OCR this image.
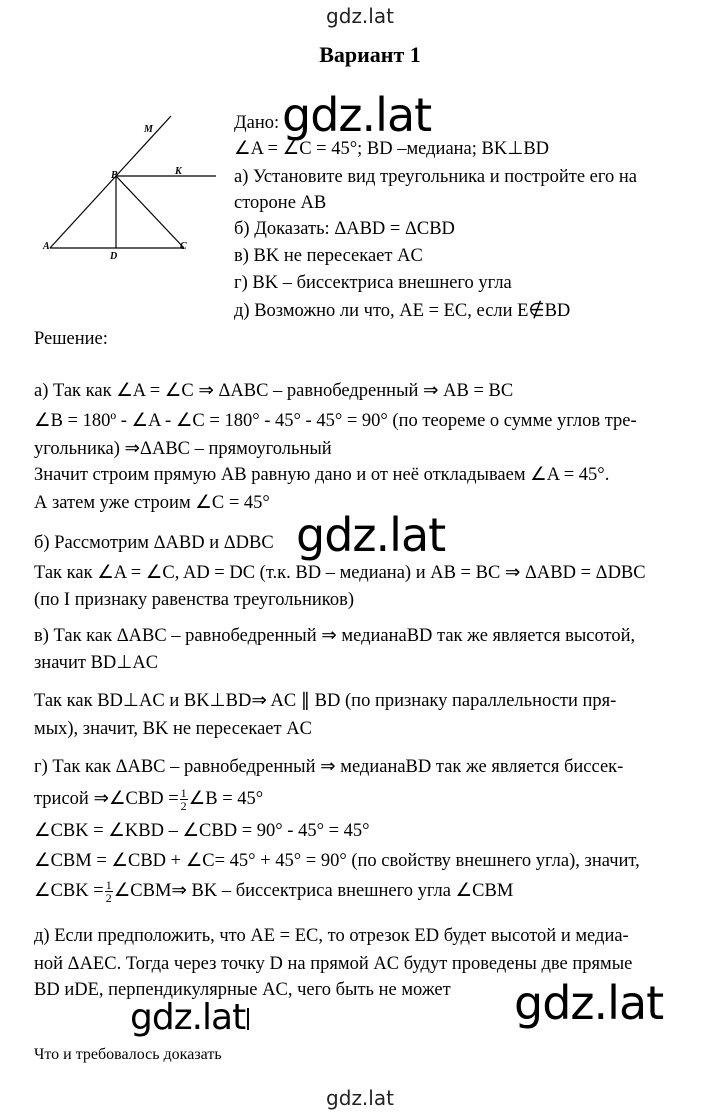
gdz.lat
Вариант 1
M
B	K
A
D
C
Дано: gdz.lat
∠A = ∠C = 45°; BD –медиана; BK⊥BD
а) Установите вид треугольника и постройте его на
стороне AB
б) Доказать: ΔABD = ΔCBD
в) BK не пересекает AC
г) BK – биссектриса внешнего угла
д) Возможно ли что, AE = EC, если E∉BD
Решение:
а) Так как ∠A = ∠C ⇒ ΔABC – равнобедренный ⇒ AB = BC
∠B = 180º - ∠A - ∠C = 180° - 45° - 45° = 90° (по теореме о сумме углов тре-
угольника) ⇒ΔABC – прямоугольный
Значит строим прямую AB равную дано и от неё откладываем ∠A = 45°.
А затем уже строим ∠C = 45°
б) Рассмотрим ΔABD и ΔDBC gdz.lat
Так как ∠A = ∠C, AD = DC (т.к. BD – медиана) и AB = BC ⇒ ΔABD = ΔDBC
(по I признаку равенства треугольников)
в) Так как ΔABC – равнобедренный ⇒ медианаBD так же является высотой,
значит BD⊥AC
Так как BD⊥AC и BK⊥BD⇒ AC ∥ BD (по признаку параллельности пря-
мых), значит, BK не пересекает AC
г) Так как ΔABC – равнобедренный ⇒ медианаBD так же является биссек-
трисой ⇒∠CBD = $\frac{1}{2}$ ∠B = 45°
∠CBK = ∠KBD – ∠CBD = 90° - 45° = 45°
∠CBM = ∠CBD + ∠C= 45° + 45° = 90° (по свойству внешнего угла), значит,
∠CBK = $\frac{1}{2}$ ∠CBM⇒ BK – биссектриса внешнего угла ∠CBM
д) Если предположить, что AE = EC, то отрезок ED будет высотой и медиа-
ной ΔAEC. Тогда через точку D на прямой AC будут проведены две прямые
BD иDE, перпендикулярные AC, чего быть не может gdz.lat
gdz.lat
Что и требовалось доказать
gdz.lat
